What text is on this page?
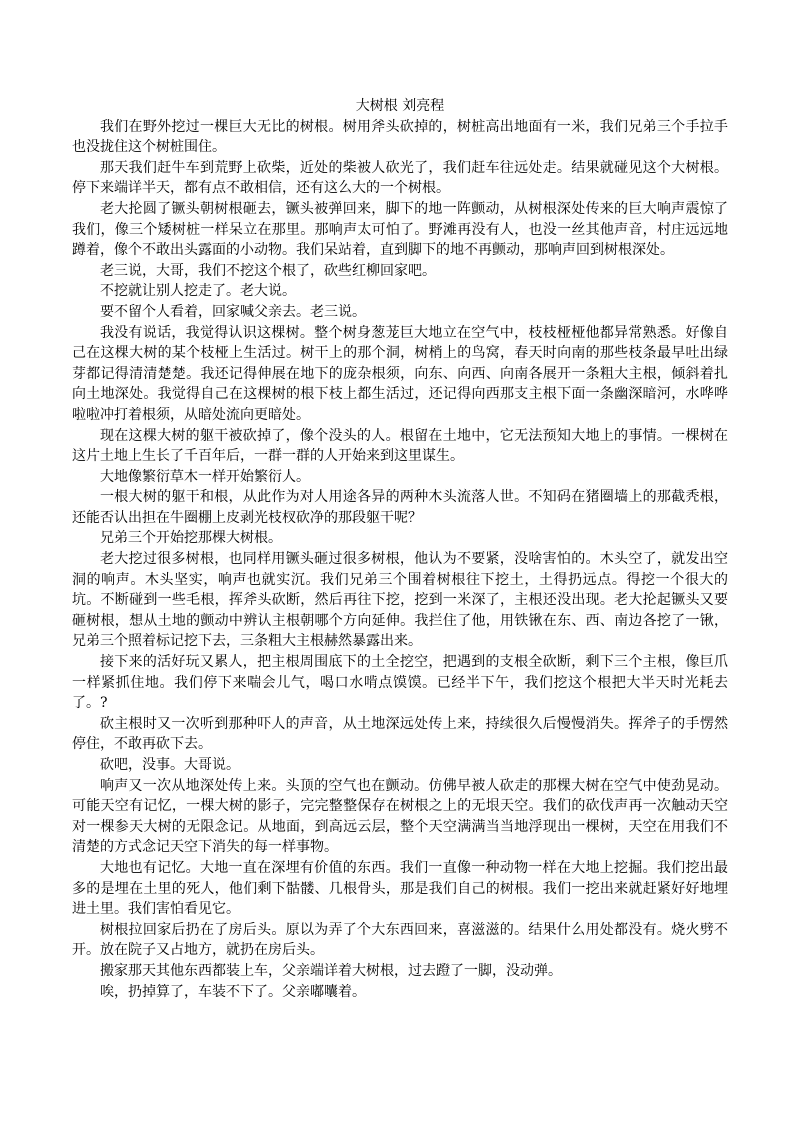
大树根 刘亮程

我们在野外挖过一棵巨大无比的树根。树用斧头砍掉的，树桩高出地面有一米，我们兄弟三个手拉手也没拢住这个树桩围住。

那天我们赶牛车到荒野上砍柴，近处的柴被人砍光了，我们赶车往远处走。结果就碰见这个大树根。停下来端详半天，都有点不敢相信，还有这么大的一个树根。

老大抡圆了镢头朝树根砸去，镢头被弹回来，脚下的地一阵颤动，从树根深处传来的巨大响声震惊了我们，像三个矮树桩一样呆立在那里。那响声太可怕了。野滩再没有人，也没一丝其他声音，村庄远远地蹲着，像个不敢出头露面的小动物。我们呆站着，直到脚下的地不再颤动，那响声回到树根深处。

老三说，大哥，我们不挖这个根了，砍些红柳回家吧。

不挖就让别人挖走了。老大说。

要不留个人看着，回家喊父亲去。老三说。

我没有说话，我觉得认识这棵树。整个树身葱茏巨大地立在空气中，枝枝桠桠他都异常熟悉。好像自己在这棵大树的某个枝桠上生活过。树干上的那个洞，树梢上的鸟窝，春天时向南的那些枝条最早吐出绿芽都记得清清楚楚。我还记得伸展在地下的庞杂根须，向东、向西、向南各展开一条粗大主根，倾斜着扎向土地深处。我觉得自己在这棵树的根下枝上都生活过，还记得向西那支主根下面一条幽深暗河，水哗哗啦啦冲打着根须，从暗处流向更暗处。

现在这棵大树的躯干被砍掉了，像个没头的人。根留在土地中，它无法预知大地上的事情。一棵树在这片土地上生长了千百年后，一群一群的人开始来到这里谋生。

大地像繁衍草木一样开始繁衍人。

一根大树的躯干和根，从此作为对人用途各异的两种木头流落人世。不知码在猪圈墙上的那截秃根，还能否认出担在牛圈棚上皮剥光枝杈砍净的那段躯干呢？

兄弟三个开始挖那棵大树根。

老大挖过很多树根，也同样用镢头砸过很多树根，他认为不要紧，没啥害怕的。木头空了，就发出空洞的响声。木头坚实，响声也就实沉。我们兄弟三个围着树根往下挖土，土得扔远点。得挖一个很大的坑。不断碰到一些毛根，挥斧头砍断，然后再往下挖，挖到一米深了，主根还没出现。老大抡起镢头又要砸树根，想从土地的颤动中辨认主根朝哪个方向延伸。我拦住了他，用铁锹在东、西、南边各挖了一锹，兄弟三个照着标记挖下去，三条粗大主根赫然暴露出来。

接下来的活好玩又累人，把主根周围底下的土全挖空，把遇到的支根全砍断，剩下三个主根，像巨爪一样紧抓住地。我们停下来喘会儿气，喝口水啃点馍馍。已经半下午，我们挖这个根把大半天时光耗去了。?

砍主根时又一次听到那种吓人的声音，从土地深远处传上来，持续很久后慢慢消失。挥斧子的手愣然停住，不敢再砍下去。

砍吧，没事。大哥说。

响声又一次从地深处传上来。头顶的空气也在颤动。仿佛早被人砍走的那棵大树在空气中使劲晃动。可能天空有记忆，一棵大树的影子，完完整整保存在树根之上的无垠天空。我们的砍伐声再一次触动天空对一棵参天大树的无限念记。从地面，到高远云层，整个天空满满当当地浮现出一棵树，天空在用我们不清楚的方式念记天空下消失的每一样事物。

大地也有记忆。大地一直在深埋有价值的东西。我们一直像一种动物一样在大地上挖掘。我们挖出最多的是埋在土里的死人，他们剩下骷髅、几根骨头，那是我们自己的树根。我们一挖出来就赶紧好好地埋进土里。我们害怕看见它。

树根拉回家后扔在了房后头。原以为弄了个大东西回来，喜滋滋的。结果什么用处都没有。烧火劈不开。放在院子又占地方，就扔在房后头。

搬家那天其他东西都装上车，父亲端详着大树根，过去蹬了一脚，没动弹。

唉，扔掉算了，车装不下了。父亲嘟囔着。
